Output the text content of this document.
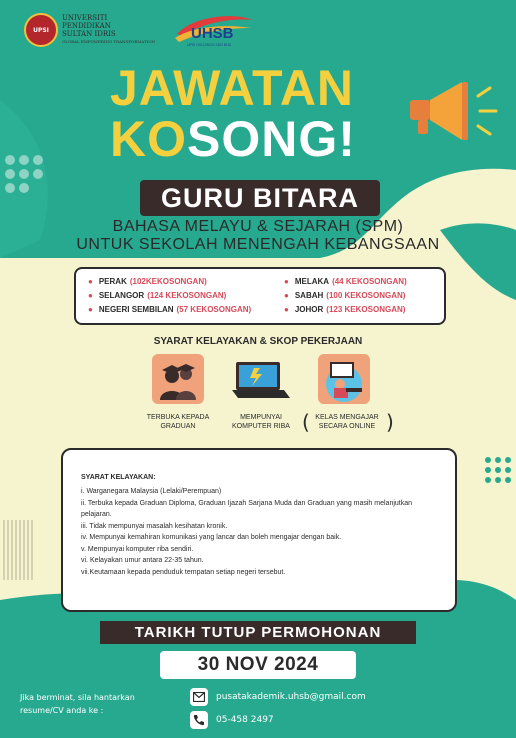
UPSI
UNIVERSITI
PENDIDIKAN
SULTAN IDRIS
GLOBAL EMPOWERING TRANSFORMATION UHSB
UPSI HOLDINGS SDN BHD
JAWATAN
KOSONG!
GURU BITARA
BAHASA MELAYU & SEJARAH (SPM)
UNTUK SEKOLAH MENENGAH KEBANGSAAN
● PERAK (102KEKOSONGAN)
● SELANGOR (124 KEKOSONGAN)
● NEGERI SEMBILAN (57 KEKOSONGAN)
● MELAKA (44 KEKOSONGAN)
● SABAH (100 KEKOSONGAN)
● JOHOR (123 KEKOSONGAN)
SYARAT KELAYAKAN & SKOP PEKERJAAN
TERBUKA KEPADA
GRADUAN
MEMPUNYAI
KOMPUTER RIBA ( KELAS MENGAJAR
SECARA ONLINE )
SYARAT KELAYAKAN:
i. Warganegara Malaysia (Lelaki/Perempuan)
ii. Terbuka kepada Graduan Diploma, Graduan Ijazah Sarjana Muda dan Graduan yang masih melanjutkan pelajaran.
iii. Tidak mempunyai masalah kesihatan kronik.
iv. Mempunyai kemahiran komunikasi yang lancar dan boleh mengajar dengan baik.
v. Mempunyai komputer riba sendiri.
vi. Kelayakan umur antara 22-35 tahun.
vii.Keutamaan kepada penduduk tempatan setiap negeri tersebut.
TARIKH TUTUP PERMOHONAN
30 NOV 2024
Jika berminat, sila hantarkan
resume/CV anda ke :
pusatakademik.uhsb@gmail.com
05-458 2497
